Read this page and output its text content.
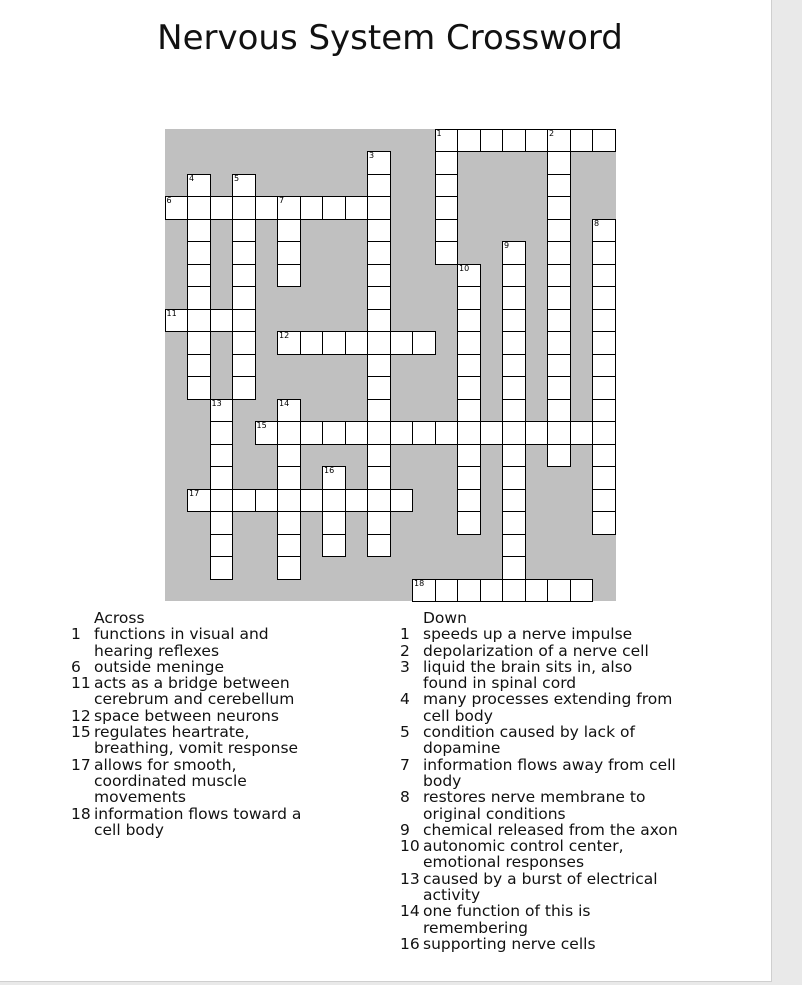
Nervous System Crossword
1	2
6	7
11
12
15
17
18
3
4	5
8
9
10
13	14
16
Across
1 functions in visual and hearing reflexes
6 outside meninge
11 acts as a bridge between cerebrum and cerebellum
12 space between neurons
15 regulates heartrate, breathing, vomit response
17 allows for smooth, coordinated muscle movements
18 information flows toward a cell body
Down
1 speeds up a nerve impulse
2 depolarization of a nerve cell
3 liquid the brain sits in, also found in spinal cord
4 many processes extending from cell body
5 condition caused by lack of dopamine
7 information flows away from cell body
8 restores nerve membrane to original conditions
9 chemical released from the axon
10 autonomic control center, emotional responses
13 caused by a burst of electrical activity
14 one function of this is remembering
16 supporting nerve cells
